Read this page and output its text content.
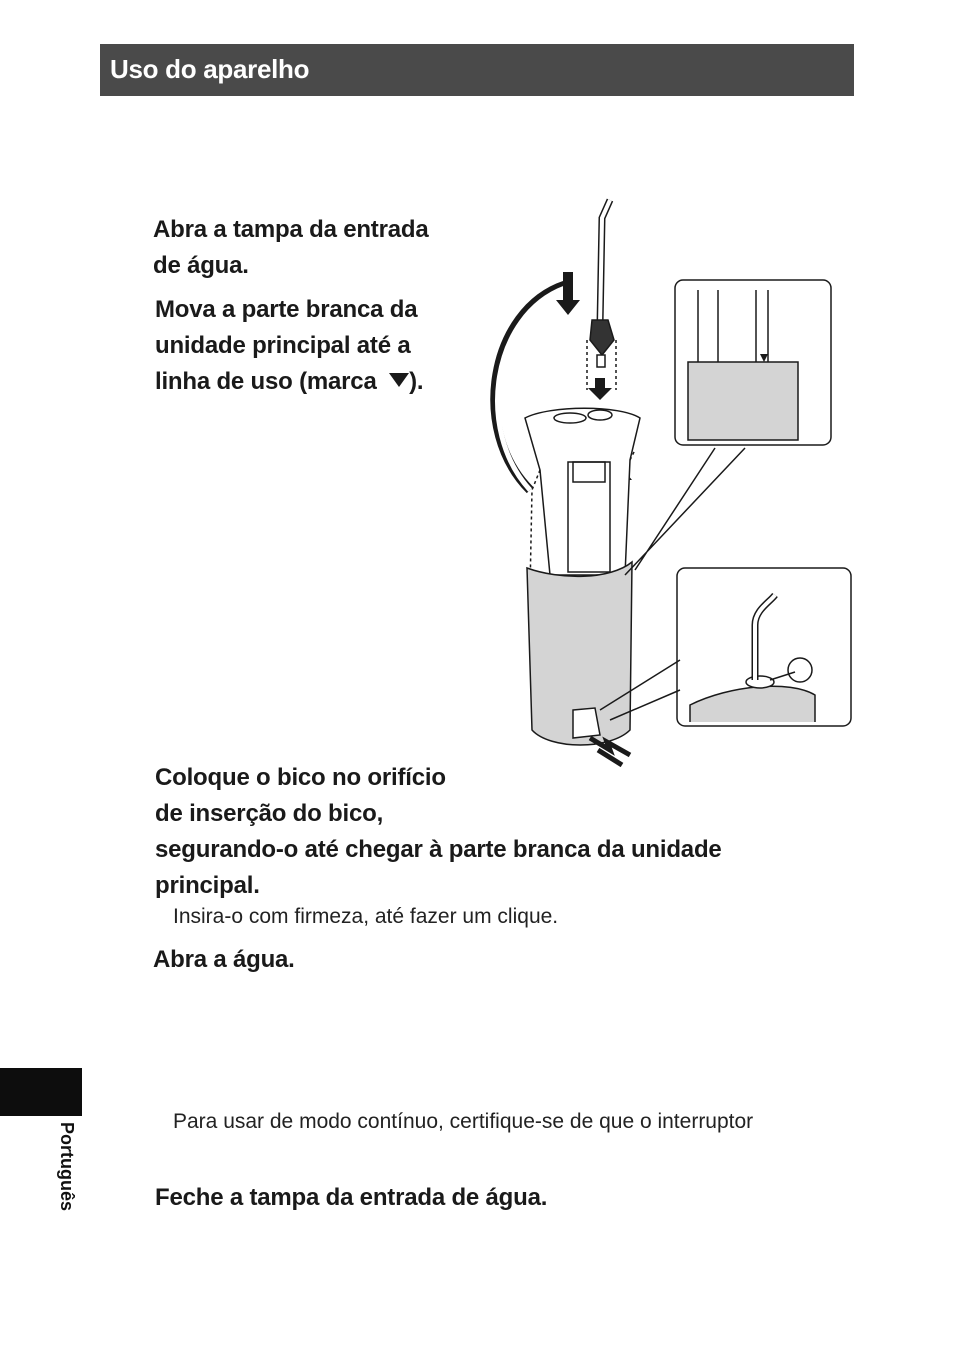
Uso do aparelho
Abra a tampa da entrada
de água.
Mova a parte branca da
unidade principal até a
linha de uso (marca ).
Coloque o bico no orifício
de inserção do bico,
segurando-o até chegar à parte branca da unidade
principal.
Insira-o com firmeza, até fazer um clique.
Abra a água.
Para usar de modo contínuo, certifique-se de que o interruptor
Feche a tampa da entrada de água.
Português
